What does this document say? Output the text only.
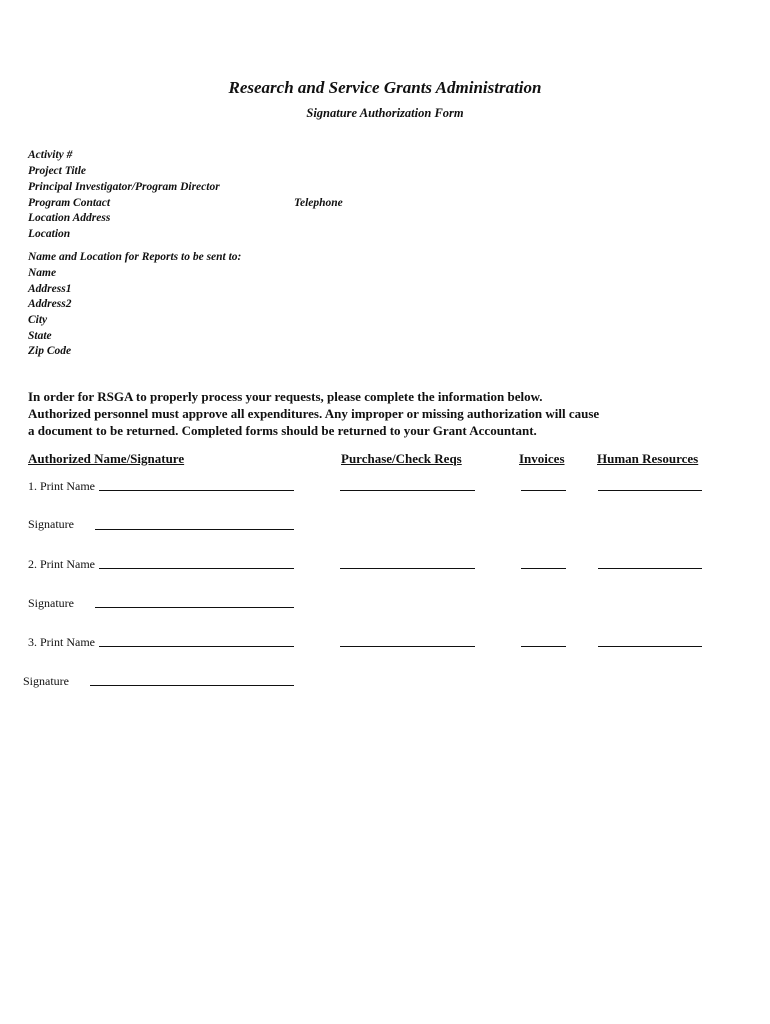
Research and Service Grants Administration
Signature Authorization Form
Activity #
Project Title
Principal Investigator/Program Director
Program Contact	Telephone
Location Address
Location
Name and Location for Reports to be sent to:
Name
Address1
Address2
City
State
Zip Code
In order for RSGA to properly process your requests, please complete the information below.
Authorized personnel must approve all expenditures. Any improper or missing authorization will cause
a document to be returned. Completed forms should be returned to your Grant Accountant.
Authorized Name/Signature	Purchase/Check Reqs	Invoices	Human Resources
1. Print Name
Signature
2. Print Name
Signature
3. Print Name
Signature
